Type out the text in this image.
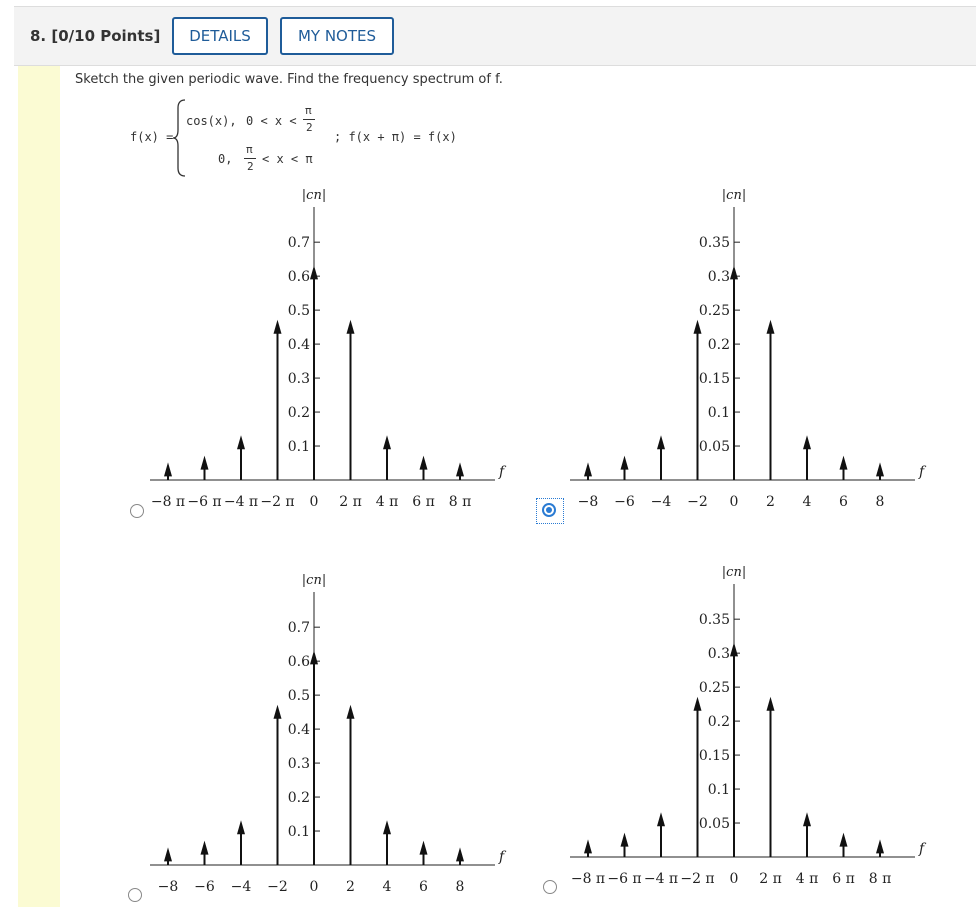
8. [0/10 Points]	DETAILS	MY NOTES
Sketch the given periodic wave. Find the frequency spectrum of f.
f(x) =
cos(x), 0 < x <
π
2
; f(x + π) = f(x)
0,
π
2
< x < π
|cn|
f
0.7
0.6
0.5
0.4
0.3
0.2
0.1
−8 π −6 π −4 π −2 π 0 2 π 4 π 6 π 8 π
|cn|
f
0.35
0.3
0.25
0.2
0.15
0.1
0.05
−8 −6 −4 −2 0 2 4 6 8
|cn|
f
0.7
0.6
0.5
0.4
0.3
0.2
0.1
−8 −6 −4 −2 0 2 4 6 8
|cn|
f
0.35
0.3
0.25
0.2
0.15
0.1
0.05
−8 π −6 π −4 π −2 π 0 2 π 4 π 6 π 8 π
